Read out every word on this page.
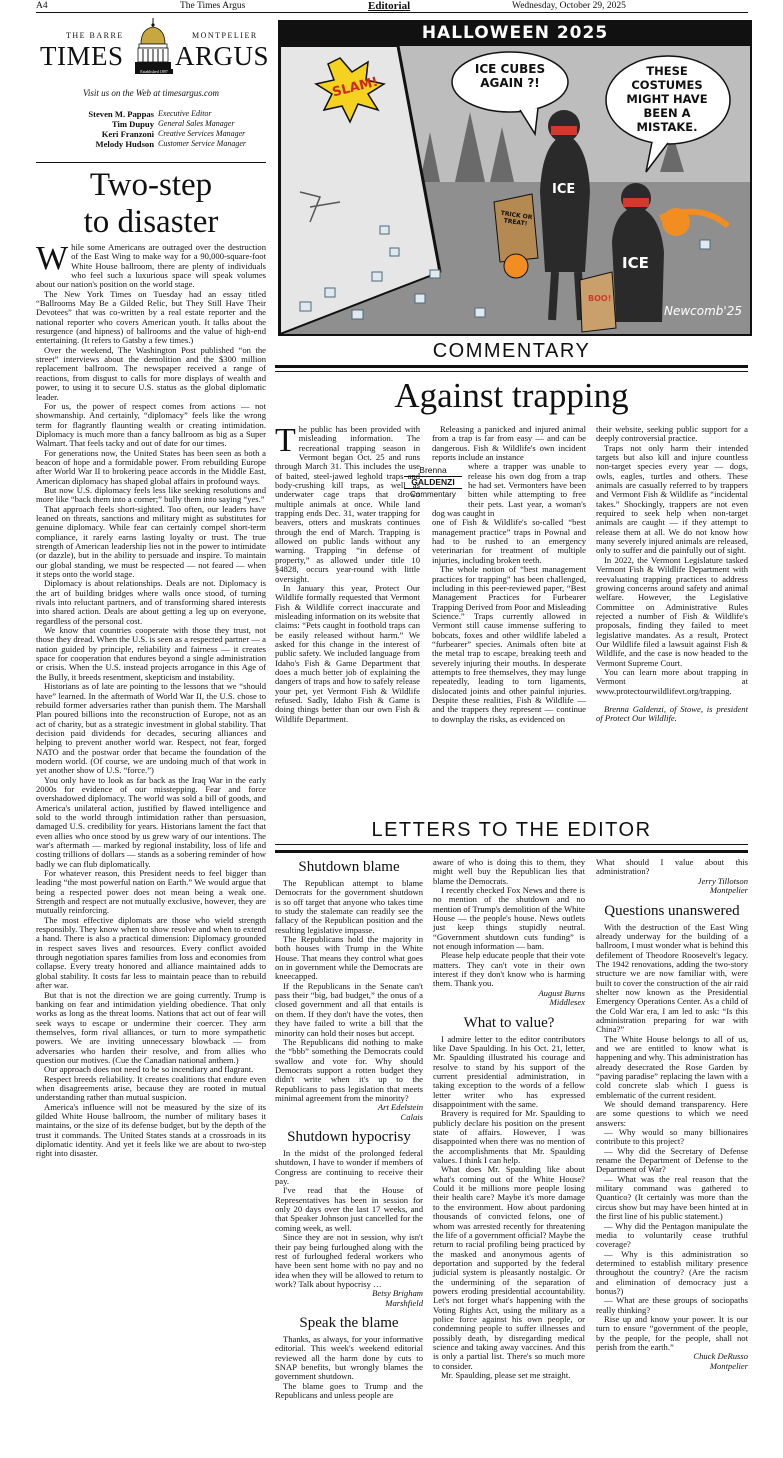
A4	The Times Argus	Editorial	Wednesday, October 29, 2025
THE BARRE	MONTPELIER
TIMES ARGUS
Established 1897
Visit us on the Web at timesargus.com
Steven M. Pappas Executive Editor
Tim Dupuy General Sales Manager
Keri Franzoni Creative Services Manager
Melody Hudson Customer Service Manager
Two-step
to disaster

While some Americans are outraged over the destruction of the East Wing to make way for a 90,000-square-foot White House ballroom, there are plenty of individuals who feel such a luxurious space will speak volumes about our nation's position on the world stage.

The New York Times on Tuesday had an essay titled “Ballrooms May Be a Gilded Relic, but They Still Have Their Devotees” that was co-written by a real estate reporter and the national reporter who covers American youth. It talks about the resurgence (and hipness) of ballrooms and the value of high-end entertaining. (It refers to Gatsby a few times.)

Over the weekend, The Washington Post published “on the street” interviews about the demolition and the $300 million replacement ballroom. The newspaper received a range of reactions, from disgust to calls for more displays of wealth and power, to using it to secure U.S. status as the global diplomatic leader.

For us, the power of respect comes from actions — not showmanship. And certainly, “diplomacy” feels like the wrong term for flagrantly flaunting wealth or creating intimidation. Diplomacy is much more than a fancy ballroom as big as a Super Walmart. That feels tacky and out of date for our times.

For generations now, the United States has been seen as both a beacon of hope and a formidable power. From rebuilding Europe after World War II to brokering peace accords in the Middle East, American diplomacy has shaped global affairs in profound ways.

But now U.S. diplomacy feels less like seeking resolutions and more like “back them into a corner;” bully them into saying “yes.”

That approach feels short-sighted. Too often, our leaders have leaned on threats, sanctions and military might as substitutes for genuine diplomacy. While fear can certainly compel short-term compliance, it rarely earns lasting loyalty or trust. The true strength of American leadership lies not in the power to intimidate (or dazzle), but in the ability to persuade and inspire. To maintain our global standing, we must be respected — not feared — when it steps onto the world stage.

Diplomacy is about relationships. Deals are not. Diplomacy is the art of building bridges where walls once stood, of turning rivals into reluctant partners, and of transforming shared interests into shared action. Deals are about getting a leg up on everyone, regardless of the personal cost.

We know that countries cooperate with those they trust, not those they dread. When the U.S. is seen as a respected partner — a nation guided by principle, reliability and fairness — it creates space for cooperation that endures beyond a single administration or crisis. When the U.S. instead projects arrogance in this Age of the Bully, it breeds resentment, skepticism and instability.

Historians as of late are pointing to the lessons that we “should have” learned. In the aftermath of World War II, the U.S. chose to rebuild former adversaries rather than punish them. The Marshall Plan poured billions into the reconstruction of Europe, not as an act of charity, but as a strategic investment in global stability. That decision paid dividends for decades, securing alliances and helping to prevent another world war. Respect, not fear, forged NATO and the postwar order that became the foundation of the modern world. (Of course, we are undoing much of that work in yet another show of U.S. “force.”)

You only have to look as far back as the Iraq War in the early 2000s for evidence of our misstepping. Fear and force overshadowed diplomacy. The world was sold a bill of goods, and America's unilateral action, justified by flawed intelligence and sold to the world through intimidation rather than persuasion, damaged U.S. credibility for years. Historians lament the fact that even allies who once stood by us grew wary of our intentions. The war's aftermath — marked by regional instability, loss of life and costing trillions of dollars — stands as a sobering reminder of how badly we can flub diplomatically.

For whatever reason, this President needs to feel bigger than leading “the most powerful nation on Earth.” We would argue that being a respected power does not mean being a weak one. Strength and respect are not mutually exclusive, however, they are mutually reinforcing.

The most effective diplomats are those who wield strength responsibly. They know when to show resolve and when to extend a hand. There is also a practical dimension: Diplomacy grounded in respect saves lives and resources. Every conflict avoided through negotiation spares families from loss and economies from collapse. Every treaty honored and alliance maintained adds to global stability. It costs far less to maintain peace than to rebuild after war.

But that is not the direction we are going currently. Trump is banking on fear and intimidation yielding obedience. That only works as long as the threat looms. Nations that act out of fear will seek ways to escape or undermine their coercer. They arm themselves, form rival alliances, or turn to more sympathetic powers. We are inviting unnecessary blowback — from adversaries who harden their resolve, and from allies who question our motives. (Cue the Canadian national anthem.)

Our approach does not need to be so incendiary and flagrant.

Respect breeds reliability. It creates coalitions that endure even when disagreements arise, because they are rooted in mutual understanding rather than mutual suspicion.

America's influence will not be measured by the size of its gilded White House ballroom, the number of military bases it maintains, or the size of its defense budget, but by the depth of the trust it commands. The United States stands at a crossroads in its diplomatic identity. And yet it feels like we are about to two-step right into disaster.

HALLOWEEN 2025
SLAM!
ICE CUBES AGAIN ?!
THESE COSTUMES MIGHT HAVE BEEN A MISTAKE.
ICE
ICE
TRICK OR TREAT!
BOO!
Newcomb'25
COMMENTARY
Against trapping

The public has been provided with misleading information. The recreational trapping season in Vermont began Oct. 25 and runs through March 31. This includes the use of baited, steel-jawed leghold traps and body-crushing kill traps, as well as underwater cage traps that drown multiple animals at once. While land trapping ends Dec. 31, water trapping for beavers, otters and muskrats continues through the end of March. Trapping is allowed on public lands without any warning. Trapping “in defense of property,” as allowed under title 10 §4828, occurs year-round with little oversight.

In January this year, Protect Our Wildlife formally requested that Vermont Fish & Wildlife correct inaccurate and misleading information on its website that claims: “Pets caught in foothold traps can be easily released without harm.” We asked for this change in the interest of public safety. We included language from Idaho's Fish & Game Department that does a much better job of explaining the dangers of traps and how to safely release your pet, yet Vermont Fish & Wildlife refused. Sadly, Idaho Fish & Game is doing things better than our own Fish & Wildlife Department.

Releasing a panicked and injured animal from a trap is far from easy — and can be dangerous. Fish & Wildlife's own incident reports include an instance

Brenna
GALDENZI
Commentary

where a trapper was unable to release his own dog from a trap he had set. Vermonters have been bitten while attempting to free their pets. Last year, a woman's dog was caught in

one of Fish & Wildlife's so-called “best management practice” traps in Pownal and had to be rushed to an emergency veterinarian for treatment of multiple injuries, including broken teeth.

The whole notion of “best management practices for trapping” has been challenged, including in this peer-reviewed paper, “Best Management Practices for Furbearer Trapping Derived from Poor and Misleading Science.” Traps currently allowed in Vermont still cause immense suffering to bobcats, foxes and other wildlife labeled a “furbearer” species. Animals often bite at the metal trap to escape, breaking teeth and severely injuring their mouths. In desperate attempts to free themselves, they may lunge repeatedly, leading to torn ligaments, dislocated joints and other painful injuries. Despite these realities, Fish & Wildlife — and the trappers they represent — continue to downplay the risks, as evidenced on

their website, seeking public support for a deeply controversial practice.

Traps not only harm their intended targets but also kill and injure countless non-target species every year — dogs, owls, eagles, turtles and others. These animals are casually referred to by trappers and Vermont Fish & Wildlife as “incidental takes.” Shockingly, trappers are not even required to seek help when non-target animals are caught — if they attempt to release them at all. We do not know how many severely injured animals are released, only to suffer and die painfully out of sight.

In 2022, the Vermont Legislature tasked Vermont Fish & Wildlife Department with reevaluating trapping practices to address growing concerns around safety and animal welfare. However, the Legislative Committee on Administrative Rules rejected a number of Fish & Wildlife's proposals, finding they failed to meet legislative mandates. As a result, Protect Our Wildlife filed a lawsuit against Fish & Wildlife, and the case is now headed to the Vermont Supreme Court.

You can learn more about trapping in Vermont at www.protectourwildlifevt.org/trapping.

Brenna Galdenzi, of Stowe, is president of Protect Our Wildlife.

LETTERS TO THE EDITOR
Shutdown blame

The Republican attempt to blame Democrats for the government shutdown is so off target that anyone who takes time to study the stalemate can readily see the fallacy of the Republican position and the resulting legislative impasse.

The Republicans hold the majority in both houses with Trump in the White House. That means they control what goes on in government while the Democrats are kneecapped.

If the Republicans in the Senate can't pass their “big, bad budget,” the onus of a closed government and all that entails is on them. If they don't have the votes, then they have failed to write a bill that the minority can hold their noses but accept.

The Republicans did nothing to make the “bbb” something the Democrats could swallow and vote for. Why should Democrats support a rotten budget they didn't write when it's up to the Republicans to pass legislation that meets minimal agreement from the minority?

Art Edelstein
Calais
Shutdown hypocrisy

In the midst of the prolonged federal shutdown, I have to wonder if members of Congress are continuing to receive their pay.

I've read that the House of Representatives has been in session for only 20 days over the last 17 weeks, and that Speaker Johnson just cancelled for the coming week, as well.

Since they are not in session, why isn't their pay being furloughed along with the rest of furloughed federal workers who have been sent home with no pay and no idea when they will be allowed to return to work? Talk about hypocrisy …

Betsy Brigham
Marshfield
Speak the blame

Thanks, as always, for your informative editorial. This week's weekend editorial reviewed all the harm done by cuts to SNAP benefits, but wrongly blames the government shutdown.

The blame goes to Trump and the Republicans and unless people are

aware of who is doing this to them, they might well buy the Republican lies that blame the Democrats.

I recently checked Fox News and there is no mention of the shutdown and no mention of Trump's demolition of the White House — the people's house. News outlets just keep things stupidly neutral. “Government shutdown cuts funding” is not enough information — bam.

Please help educate people that their vote matters. They can't vote in their own interest if they don't know who is harming them. Thank you.

August Burns
Middlesex
What to value?

I admire letter to the editor contributors like Dave Spaulding. In his Oct. 21, letter, Mr. Spaulding illustrated his courage and resolve to stand by his support of the current presidential administration, in taking exception to the words of a fellow letter writer who has expressed disappointment with the same.

Bravery is required for Mr. Spaulding to publicly declare his position on the present state of affairs. However, I was disappointed when there was no mention of the accomplishments that Mr. Spaulding values. I think I can help.

What does Mr. Spaulding like about what's coming out of the White House? Could it be millions more people losing their health care? Maybe it's more damage to the environment. How about pardoning thousands of convicted felons, one of whom was arrested recently for threatening the life of a government official? Maybe the return to racial profiling being practiced by the masked and anonymous agents of deportation and supported by the federal judicial system is pleasantly nostalgic. Or the undermining of the separation of powers eroding presidential accountability. Let's not forget what's happening with the Voting Rights Act, using the military as a police force against his own people, or condemning people to suffer illnesses and possibly death, by disregarding medical science and taking away vaccines. And this is only a partial list. There's so much more to consider.

Mr. Spaulding, please set me straight.

What should I value about this administration?

Jerry Tillotson
Montpelier
Questions unanswered

With the destruction of the East Wing already underway for the building of a ballroom, I must wonder what is behind this defilement of Theodore Roosevelt's legacy. The 1942 renovations, adding the two-story structure we are now familiar with, were built to cover the construction of the air raid shelter now known as the Presidential Emergency Operations Center. As a child of the Cold War era, I am led to ask: “Is this administration preparing for war with China?”

The White House belongs to all of us, and we are entitled to know what is happening and why. This administration has already desecrated the Rose Garden by “paving paradise” replacing the lawn with a cold concrete slab which I guess is emblematic of the current resident.

We should demand transparency. Here are some questions to which we need answers:

— Why would so many billionaires contribute to this project?

— Why did the Secretary of Defense rename the Department of Defense to the Department of War?

— What was the real reason that the military command was gathered to Quantico? (It certainly was more than the circus show but may have been hinted at in the first line of his public statement.)

— Why did the Pentagon manipulate the media to voluntarily cease truthful coverage?

— Why is this administration so determined to establish military presence throughout the country? (Are the racism and elimination of democracy just a bonus?)

— What are these groups of sociopaths really thinking?

Rise up and know your power. It is our turn to ensure “government of the people, by the people, for the people, shall not perish from the earth.”

Chuck DeRusso
Montpelier
